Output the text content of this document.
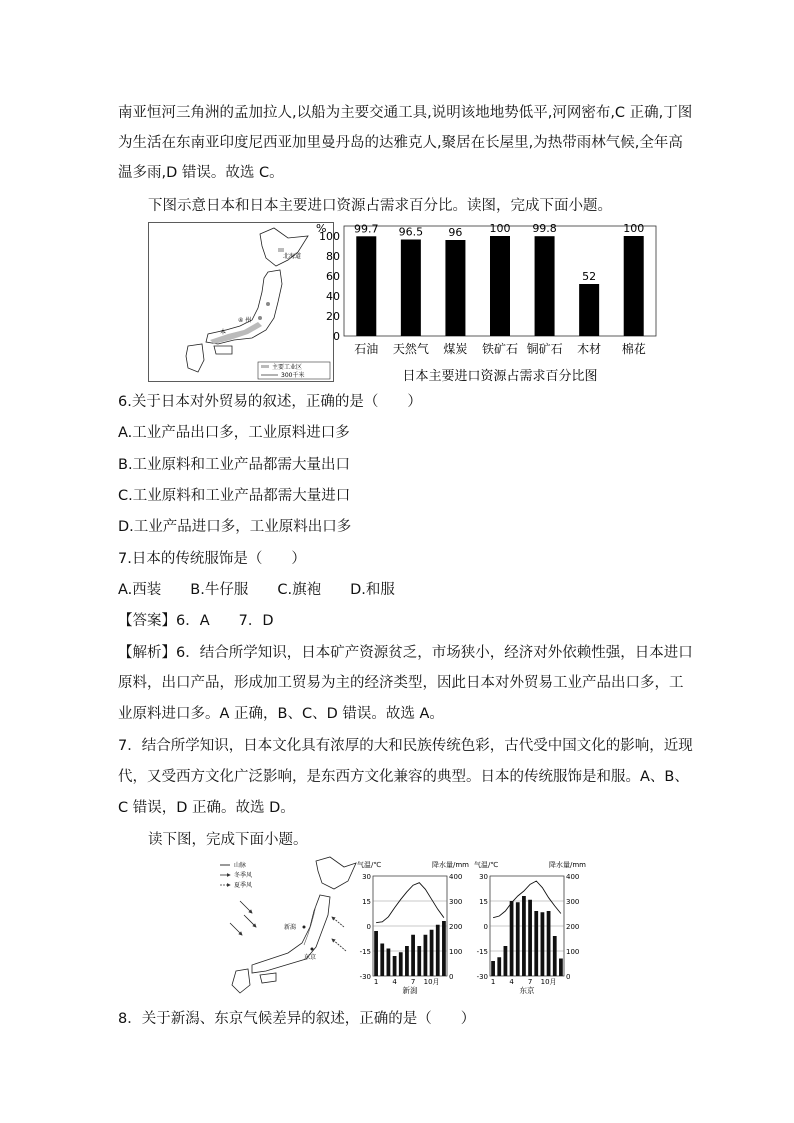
南亚恒河三角洲的孟加拉人,以船为主要交通工具,说明该地地势低平,河网密布,C 正确,丁图
为生活在东南亚印度尼西亚加里曼丹岛的达雅克人,聚居在长屋里,为热带雨林气候,全年高
温多雨,D 错误。故选 C。
下图示意日本和日本主要进口资源占需求百分比。读图，完成下面小题。
北海道
本
④ 州
主要工业区
300千米
%
0
20
40
60
80
100
99.7
石油
96.5
天然气
96
煤炭
100
铁矿石
99.8
铜矿石
52
木材
100
棉花
日本主要进口资源占需求百分比图
6.关于日本对外贸易的叙述，正确的是（　　）
A.工业产品出口多，工业原料进口多
B.工业原料和工业产品都需大量出口
C.工业原料和工业产品都需大量进口
D.工业产品进口多，工业原料出口多
7.日本的传统服饰是（　　）
A.西装　　B.牛仔服　　C.旗袍　　D.和服
【答案】6．A　　7．D
【解析】6．结合所学知识，日本矿产资源贫乏，市场狭小，经济对外依赖性强，日本进口
原料，出口产品，形成加工贸易为主的经济类型，因此日本对外贸易工业产品出口多，工
业原料进口多。A 正确，B、C、D 错误。故选 A。
7．结合所学知识，日本文化具有浓厚的大和民族传统色彩，古代受中国文化的影响，近现
代，又受西方文化广泛影响，是东西方文化兼容的典型。日本的传统服饰是和服。A、B、
C 错误，D 正确。故选 D。
读下图，完成下面小题。
山脉
冬季风
夏季风
新潟
东京
气温/℃	降水量/mm
30
15
0
-15
-30
400
300
200
100
0
1 4 7 10月
新潟
气温/℃	降水量/mm
30
15
0
-15
-30
400
300
200
100
0
1 4 7 10月
东京
8．关于新潟、东京气候差异的叙述，正确的是（　　）
